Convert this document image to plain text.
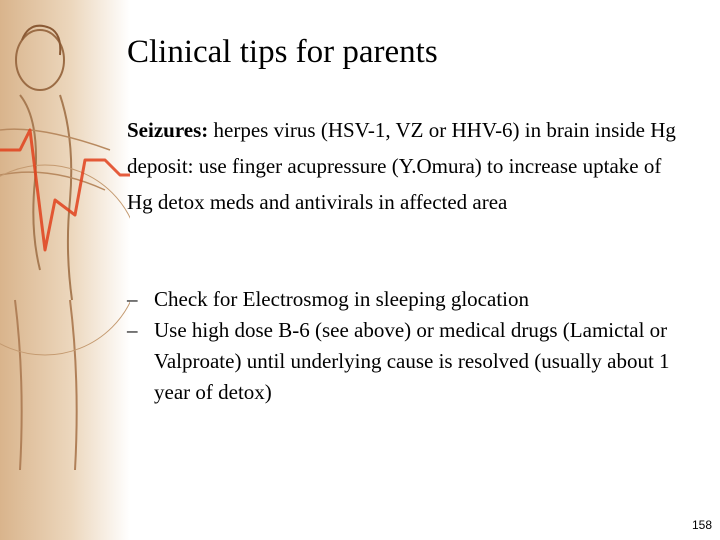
Clinical tips for parents
Seizures: herpes virus (HSV-1, VZ or HHV-6) in brain inside Hg deposit: use finger acupressure (Y.Omura) to increase uptake of Hg detox meds and antivirals in affected area
– Check for Electrosmog in sleeping glocation
– Use high dose B-6 (see above) or medical drugs (Lamictal or Valproate) until underlying cause is resolved (usually about 1 year of detox)
158
